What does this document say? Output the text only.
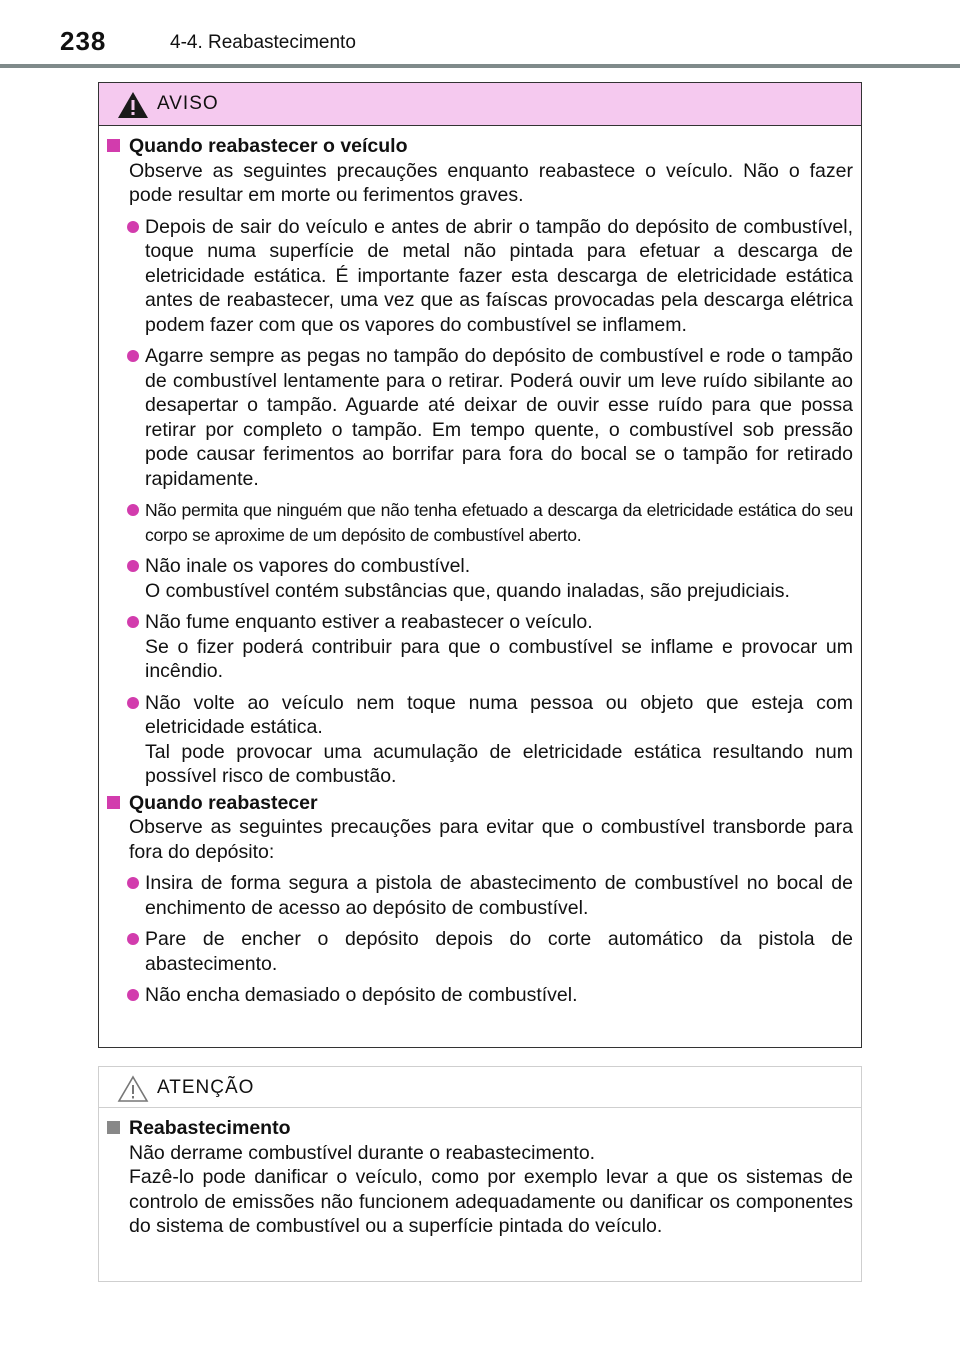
238	4-4. Reabastecimento
AVISO
Quando reabastecer o veículo
Observe as seguintes precauções enquanto reabastece o veículo. Não o fazer pode resultar em morte ou ferimentos graves.
Depois de sair do veículo e antes de abrir o tampão do depósito de combustível, toque numa superfície de metal não pintada para efetuar a descarga de eletricidade estática. É importante fazer esta descarga de eletricidade estática antes de reabastecer, uma vez que as faíscas provocadas pela descarga elétrica podem fazer com que os vapores do combustível se inflamem.
Agarre sempre as pegas no tampão do depósito de combustível e rode o tampão de combustível lentamente para o retirar. Poderá ouvir um leve ruído sibilante ao desapertar o tampão. Aguarde até deixar de ouvir esse ruído para que possa retirar por completo o tampão. Em tempo quente, o combustível sob pressão pode causar ferimentos ao borrifar para fora do bocal se o tampão for retirado rapidamente.
Não permita que ninguém que não tenha efetuado a descarga da eletricidade estática do seu corpo se aproxime de um depósito de combustível aberto.
Não inale os vapores do combustível.
O combustível contém substâncias que, quando inaladas, são prejudiciais.
Não fume enquanto estiver a reabastecer o veículo.
Se o fizer poderá contribuir para que o combustível se inflame e provocar um incêndio.
Não volte ao veículo nem toque numa pessoa ou objeto que esteja com eletricidade estática.
Tal pode provocar uma acumulação de eletricidade estática resultando num possível risco de combustão.
Quando reabastecer
Observe as seguintes precauções para evitar que o combustível transborde para fora do depósito:
Insira de forma segura a pistola de abastecimento de combustível no bocal de enchimento de acesso ao depósito de combustível.
Pare de encher o depósito depois do corte automático da pistola de abastecimento.
Não encha demasiado o depósito de combustível.
ATENÇÃO
Reabastecimento
Não derrame combustível durante o reabastecimento.
Fazê-lo pode danificar o veículo, como por exemplo levar a que os sistemas de controlo de emissões não funcionem adequadamente ou danificar os componentes do sistema de combustível ou a superfície pintada do veículo.
